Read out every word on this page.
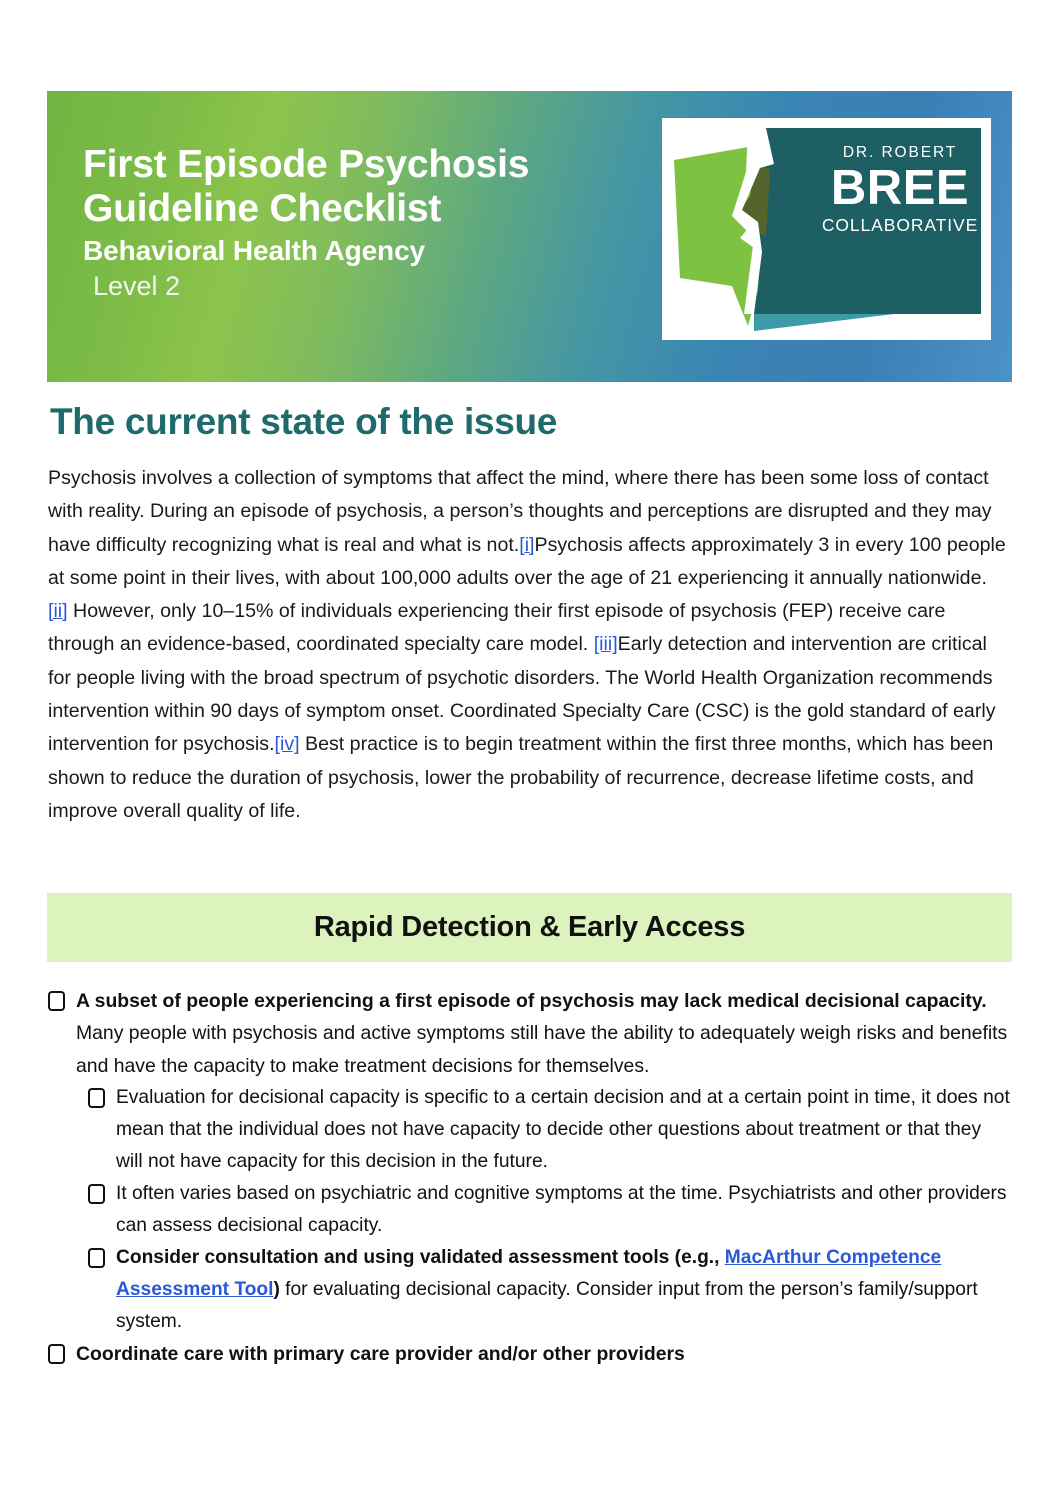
First Episode Psychosis
Guideline Checklist
Behavioral Health Agency
Level 2
DR. ROBERT
BREE
COLLABORATIVE
The current state of the issue

Psychosis involves a collection of symptoms that affect the mind, where there has been some loss of contact with reality. During an episode of psychosis, a person’s thoughts and perceptions are disrupted and they may have difficulty recognizing what is real and what is not.[i]Psychosis affects approximately 3 in every 100 people at some point in their lives, with about 100,000 adults over the age of 21 experiencing it annually nationwide. [ii] However, only 10–15% of individuals experiencing their first episode of psychosis (FEP) receive care through an evidence-based, coordinated specialty care model. [iii]Early detection and intervention are critical for people living with the broad spectrum of psychotic disorders. The World Health Organization recommends intervention within 90 days of symptom onset. Coordinated Specialty Care (CSC) is the gold standard of early intervention for psychosis.[iv] Best practice is to begin treatment within the first three months, which has been shown to reduce the duration of psychosis, lower the probability of recurrence, decrease lifetime costs, and improve overall quality of life.

Rapid Detection & Early Access
A subset of people experiencing a first episode of psychosis may lack medical decisional capacity. Many people with psychosis and active symptoms still have the ability to adequately weigh risks and benefits and have the capacity to make treatment decisions for themselves.
Evaluation for decisional capacity is specific to a certain decision and at a certain point in time, it does not mean that the individual does not have capacity to decide other questions about treatment or that they will not have capacity for this decision in the future.
It often varies based on psychiatric and cognitive symptoms at the time. Psychiatrists and other providers can assess decisional capacity.
Consider consultation and using validated assessment tools (e.g., MacArthur Competence Assessment Tool) for evaluating decisional capacity. Consider input from the person’s family/support system.
Coordinate care with primary care provider and/or other providers
